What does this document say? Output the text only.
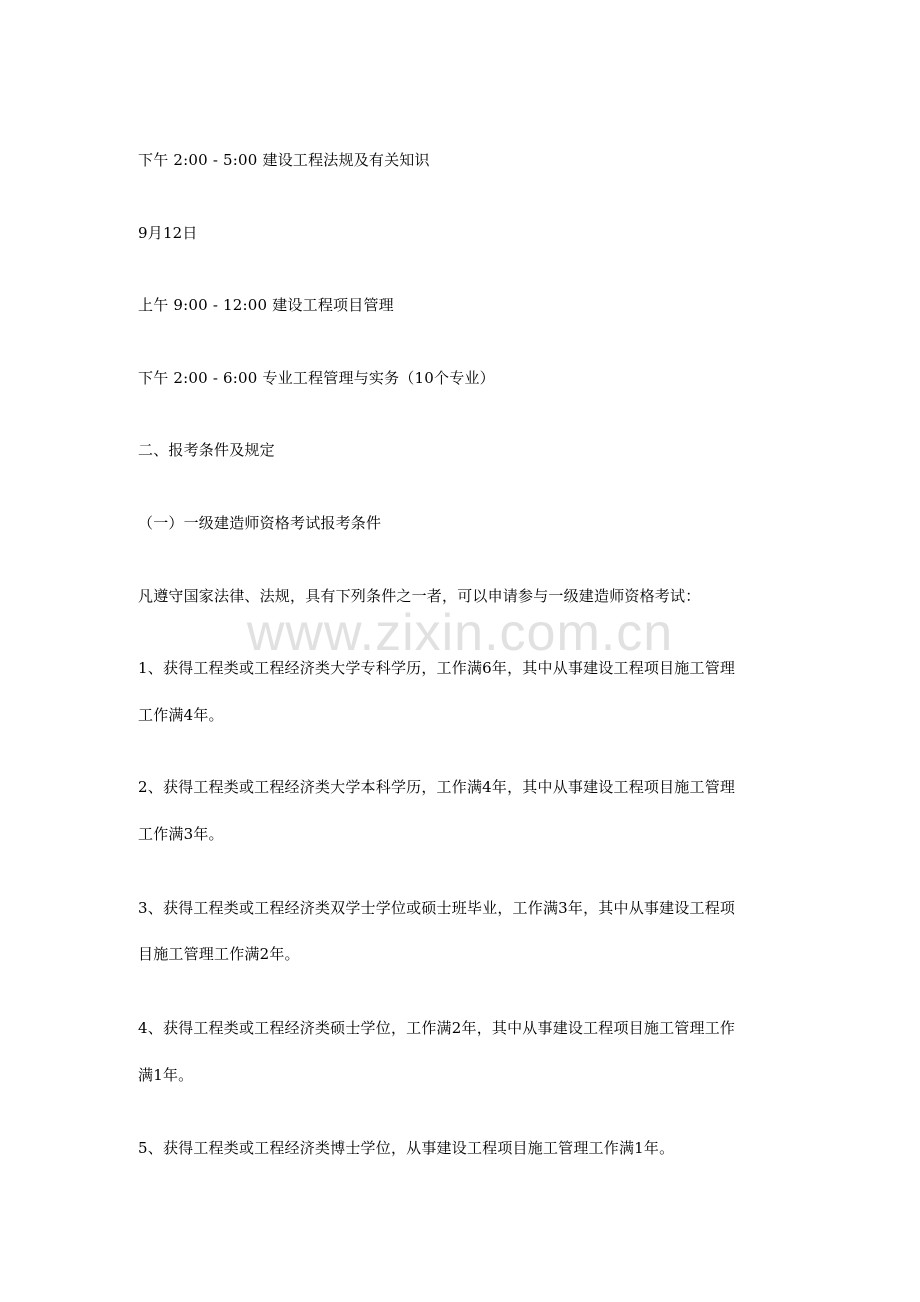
下午 2:00 - 5:00 建设工程法规及有关知识
9月12日
上午 9:00 - 12:00 建设工程项目管理
下午 2:00 - 6:00 专业工程管理与实务（10个专业）
二、报考条件及规定
（一）一级建造师资格考试报考条件
凡遵守国家法律、法规，具有下列条件之一者，可以申请参与一级建造师资格考试：
1、获得工程类或工程经济类大学专科学历，工作满6年，其中从事建设工程项目施工管理
工作满4年。
2、获得工程类或工程经济类大学本科学历，工作满4年，其中从事建设工程项目施工管理
工作满3年。
3、获得工程类或工程经济类双学士学位或硕士班毕业，工作满3年，其中从事建设工程项
目施工管理工作满2年。
4、获得工程类或工程经济类硕士学位，工作满2年，其中从事建设工程项目施工管理工作
满1年。
5、获得工程类或工程经济类博士学位，从事建设工程项目施工管理工作满1年。
www.zixin.com.cn
